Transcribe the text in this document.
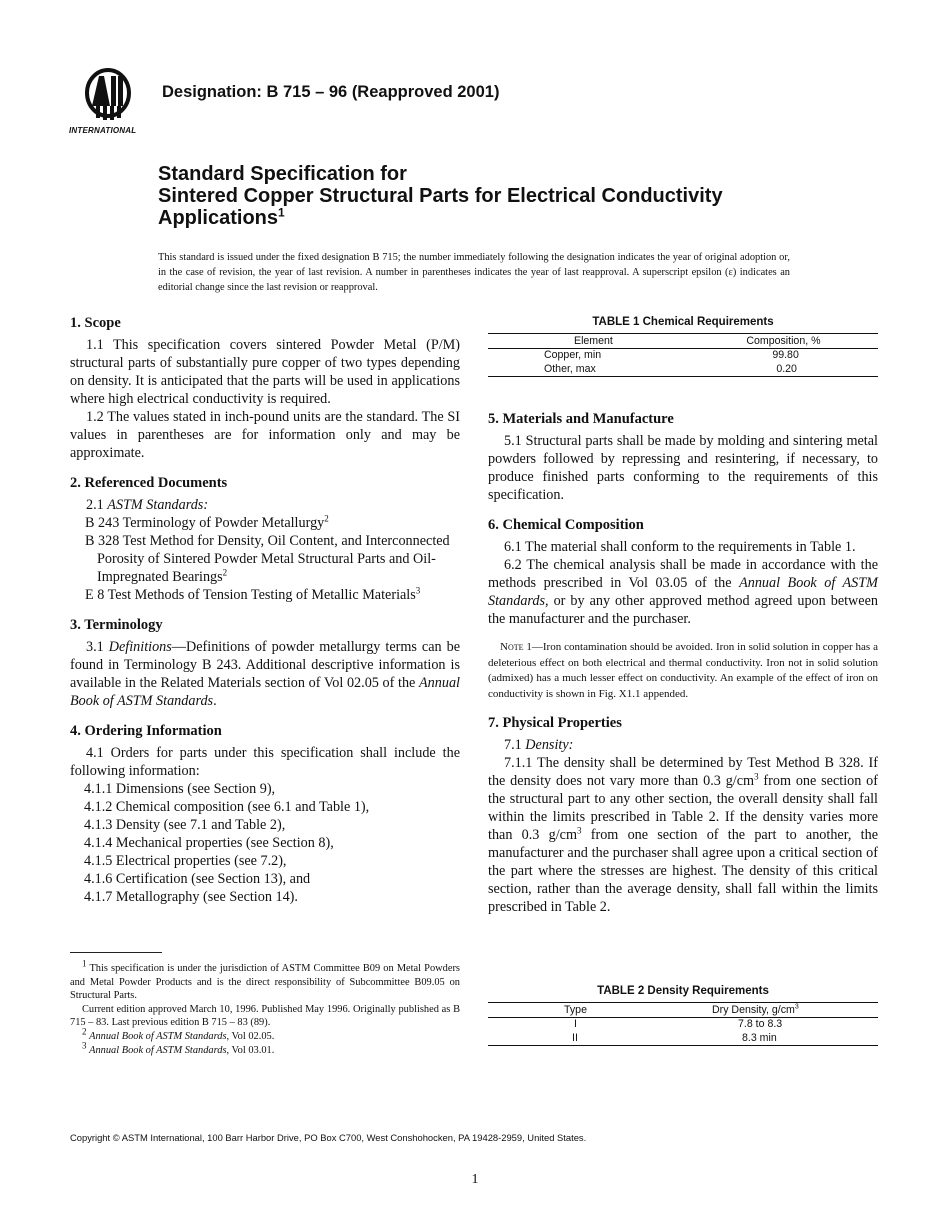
INTERNATIONAL
Designation: B 715 – 96 (Reapproved 2001)
Standard Specification for
Sintered Copper Structural Parts for Electrical Conductivity
Applications$^1$
This standard is issued under the fixed designation B 715; the number immediately following the designation indicates the year of original adoption or, in the case of revision, the year of last revision. A number in parentheses indicates the year of last reapproval. A superscript epsilon (ε) indicates an editorial change since the last revision or reapproval.
1. Scope

1.1 This specification covers sintered Powder Metal (P/M) structural parts of substantially pure copper of two types depending on density. It is anticipated that the parts will be used in applications where high electrical conductivity is required.

1.2 The values stated in inch-pound units are the standard. The SI values in parentheses are for information only and may be approximate.

2. Referenced Documents

2.1 ASTM Standards:

B 243 Terminology of Powder Metallurgy$^2$

B 328 Test Method for Density, Oil Content, and Interconnected Porosity of Sintered Powder Metal Structural Parts and Oil-Impregnated Bearings$^2$

E 8 Test Methods of Tension Testing of Metallic Materials$^3$

3. Terminology

3.1 Definitions—Definitions of powder metallurgy terms can be found in Terminology B 243. Additional descriptive information is available in the Related Materials section of Vol 02.05 of the Annual Book of ASTM Standards.

4. Ordering Information

4.1 Orders for parts under this specification shall include the following information:

4.1.1 Dimensions (see Section 9),
4.1.2 Chemical composition (see 6.1 and Table 1),
4.1.3 Density (see 7.1 and Table 2),
4.1.4 Mechanical properties (see Section 8),
4.1.5 Electrical properties (see 7.2),
4.1.6 Certification (see Section 13), and
4.1.7 Metallography (see Section 14).

$^1$ This specification is under the jurisdiction of ASTM Committee B09 on Metal Powders and Metal Powder Products and is the direct responsibility of Subcommittee B09.05 on Structural Parts.

Current edition approved March 10, 1996. Published May 1996. Originally published as B 715 – 83. Last previous edition B 715 – 83 (89).

$^2$ Annual Book of ASTM Standards, Vol 02.05.

$^3$ Annual Book of ASTM Standards, Vol 03.01.

TABLE 1 Chemical Requirements
Element	Composition, %
Copper, min	99.80
Other, max	0.20
5. Materials and Manufacture

5.1 Structural parts shall be made by molding and sintering metal powders followed by repressing and resintering, if necessary, to produce finished parts conforming to the requirements of this specification.

6. Chemical Composition

6.1 The material shall conform to the requirements in Table 1.

6.2 The chemical analysis shall be made in accordance with the methods prescribed in Vol 03.05 of the Annual Book of ASTM Standards, or by any other approved method agreed upon between the manufacturer and the purchaser.

Note 1—Iron contamination should be avoided. Iron in solid solution in copper has a deleterious effect on both electrical and thermal conductivity. Iron not in solid solution (admixed) has a much lesser effect on conductivity. An example of the effect of iron on conductivity is shown in Fig. X1.1 appended.

7. Physical Properties

7.1 Density:

7.1.1 The density shall be determined by Test Method B 328. If the density does not vary more than 0.3 $g/cm^3$ from one section of the structural part to any other section, the overall density shall fall within the limits prescribed in Table 2. If the density varies more than 0.3 $g/cm^3$ from one section of the part to another, the manufacturer and the purchaser shall agree upon a critical section of the part where the stresses are highest. The density of this critical section, rather than the average density, shall fall within the limits prescribed in Table 2.

TABLE 2 Density Requirements
Type	Dry Density, $g/cm^3$
I	7.8 to 8.3
II	8.3 min
Copyright © ASTM International, 100 Barr Harbor Drive, PO Box C700, West Conshohocken, PA 19428-2959, United States.
1
